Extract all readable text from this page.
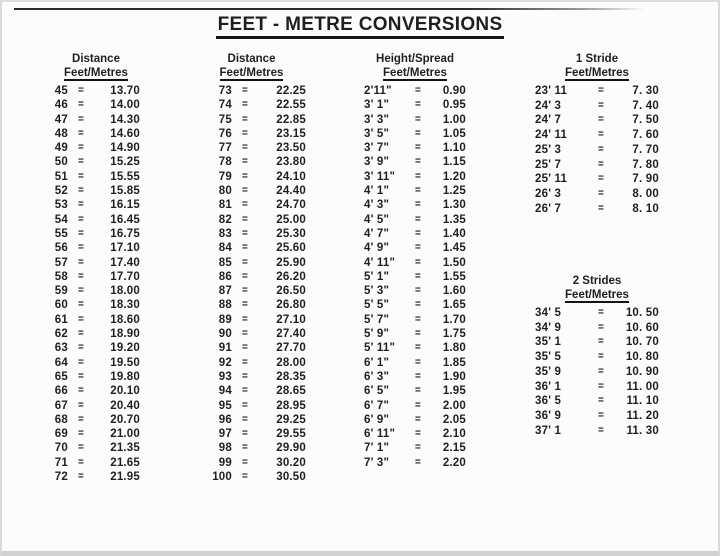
FEET - METRE CONVERSIONS
Distance
Feet/Metres
45 =	13.70
46 =	14.00
47 =	14.30
48 =	14.60
49 =	14.90
50 =	15.25
51 =	15.55
52 =	15.85
53 =	16.15
54 =	16.45
55 =	16.75
56 =	17.10
57 =	17.40
58 =	17.70
59 =	18.00
60 =	18.30
61 =	18.60
62 =	18.90
63 =	19.20
64 =	19.50
65 =	19.80
66 =	20.10
67 =	20.40
68 =	20.70
69 =	21.00
70 =	21.35
71 =	21.65
72 =	21.95
Distance
Feet/Metres
73 =	22.25
74 =	22.55
75 =	22.85
76 =	23.15
77 =	23.50
78 =	23.80
79 =	24.10
80 =	24.40
81 =	24.70
82 =	25.00
83 =	25.30
84 =	25.60
85 =	25.90
86 =	26.20
87 =	26.50
88 =	26.80
89 =	27.10
90 =	27.40
91 =	27.70
92 =	28.00
93 =	28.35
94 =	28.65
95 =	28.95
96 =	29.25
97 =	29.55
98 =	29.90
99 =	30.20
100 =	30.50
Height/Spread
Feet/Metres
2'11"	=	0.90
3' 1"	=	0.95
3' 3"	=	1.00
3' 5"	=	1.05
3' 7"	=	1.10
3' 9"	=	1.15
3' 11"	=	1.20
4' 1"	=	1.25
4' 3"	=	1.30
4' 5"	=	1.35
4' 7"	=	1.40
4' 9"	=	1.45
4' 11"	=	1.50
5' 1"	=	1.55
5' 3"	=	1.60
5' 5"	=	1.65
5' 7"	=	1.70
5' 9"	=	1.75
5' 11"	=	1.80
6' 1"	=	1.85
6' 3"	=	1.90
6' 5"	=	1.95
6' 7"	=	2.00
6' 9"	=	2.05
6' 11"	=	2.10
7' 1"	=	2.15
7' 3"	=	2.20
1 Stride
Feet/Metres
23' 11	=	7. 30
24' 3	=	7. 40
24' 7	=	7. 50
24' 11	=	7. 60
25' 3	=	7. 70
25' 7	=	7. 80
25' 11	=	7. 90
26' 3	=	8. 00
26' 7	=	8. 10
2 Strides
Feet/Metres
34' 5	=	10. 50
34' 9	=	10. 60
35' 1	=	10. 70
35' 5	=	10. 80
35' 9	=	10. 90
36' 1	=	11. 00
36' 5	=	11. 10
36' 9	=	11. 20
37' 1	=	11. 30
